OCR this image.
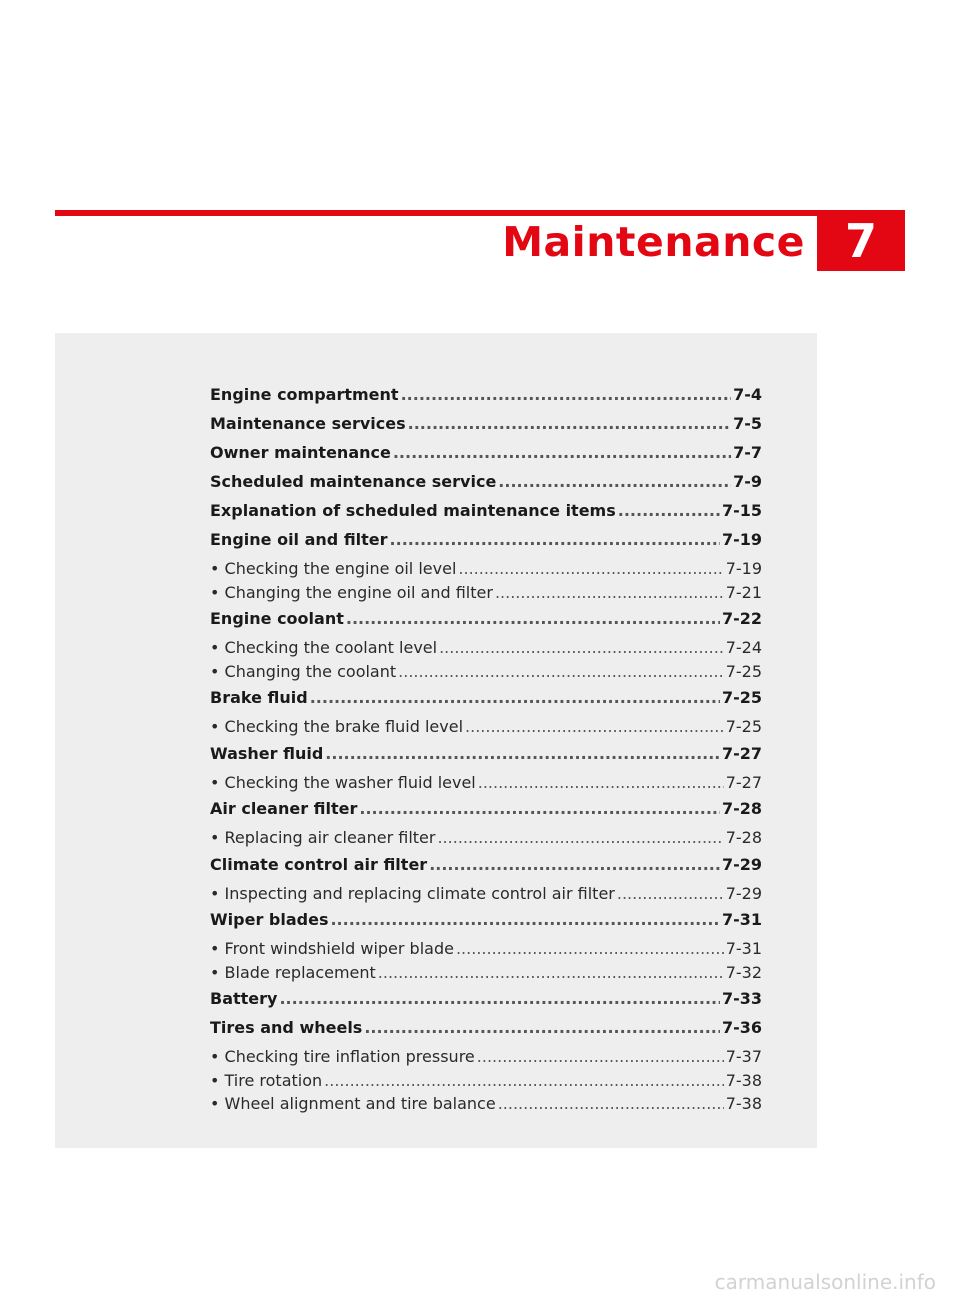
Maintenance 7
Engine compartment .....	7-4
Maintenance services .....	7-5
Owner maintenance .....	7-7
Scheduled maintenance service .....	7-9
Explanation of scheduled maintenance items .....	7-15
Engine oil and filter .....	7-19
• Checking the engine oil level .....	7-19
• Changing the engine oil and filter .....	7-21
Engine coolant .....	7-22
• Checking the coolant level .....	7-24
• Changing the coolant .....	7-25
Brake fluid .....	7-25
• Checking the brake fluid level .....	7-25
Washer fluid .....	7-27
• Checking the washer fluid level .....	7-27
Air cleaner filter .....	7-28
• Replacing air cleaner filter .....	7-28
Climate control air filter .....	7-29
• Inspecting and replacing climate control air filter .....	7-29
Wiper blades .....	7-31
• Front windshield wiper blade .....	7-31
• Blade replacement .....	7-32
Battery .....	7-33
Tires and wheels .....	7-36
• Checking tire inflation pressure .....	7-37
• Tire rotation .....	7-38
• Wheel alignment and tire balance .....	7-38
carmanualsonline.info
